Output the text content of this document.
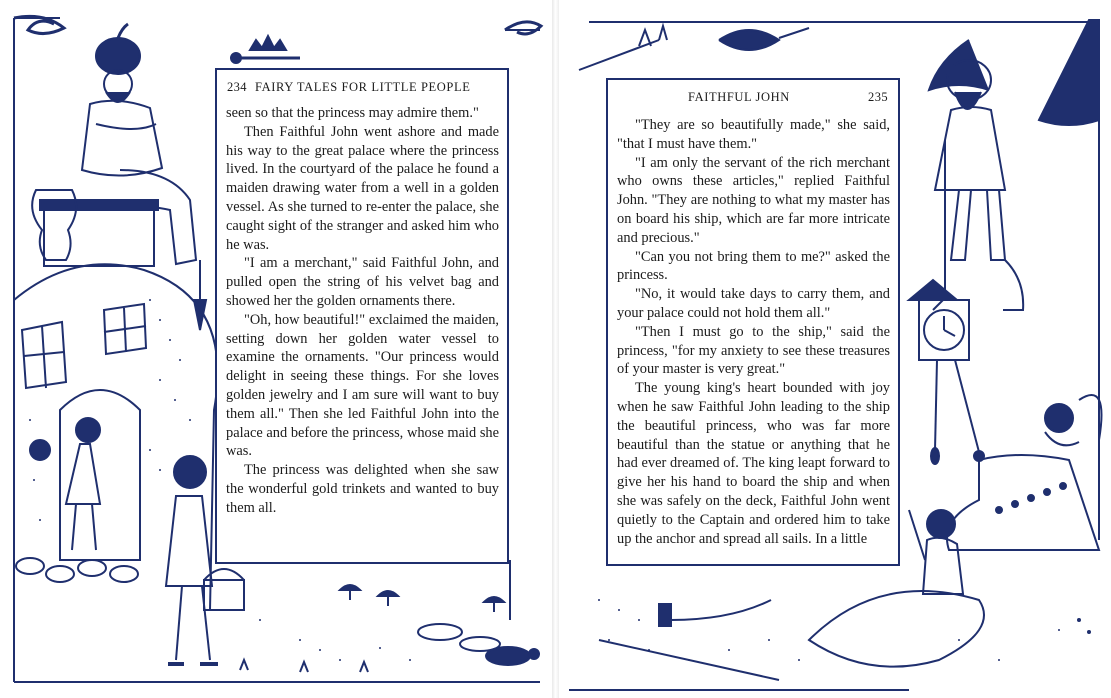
234 FAIRY TALES FOR LITTLE PEOPLE

seen so that the princess may admire them."

Then Faithful John went ashore and made his way to the great palace where the princess lived. In the courtyard of the palace he found a maiden drawing water from a well in a golden vessel. As she turned to re-enter the palace, she caught sight of the stranger and asked him who he was.

"I am a merchant," said Faithful John, and pulled open the string of his velvet bag and showed her the golden ornaments there.

"Oh, how beautiful!" exclaimed the maiden, setting down her golden water vessel to examine the ornaments. "Our princess would delight in seeing these things. For she loves golden jewelry and I am sure will want to buy them all." Then she led Faithful John into the palace and before the princess, whose maid she was.

The princess was delighted when she saw the wonderful gold trinkets and wanted to buy them all.

FAITHFUL JOHN	235

"They are so beautifully made," she said, "that I must have them."

"I am only the servant of the rich merchant who owns these articles," replied Faithful John. "They are nothing to what my master has on board his ship, which are far more intricate and precious."

"Can you not bring them to me?" asked the princess.

"No, it would take days to carry them, and your palace could not hold them all."

"Then I must go to the ship," said the princess, "for my anxiety to see these treasures of your master is very great."

The young king's heart bounded with joy when he saw Faithful John leading to the ship the beautiful princess, who was far more beautiful than the statue or anything that he had ever dreamed of. The king leapt forward to give her his hand to board the ship and when she was safely on the deck, Faithful John went quietly to the Captain and ordered him to take up the anchor and spread all sails. In a little
